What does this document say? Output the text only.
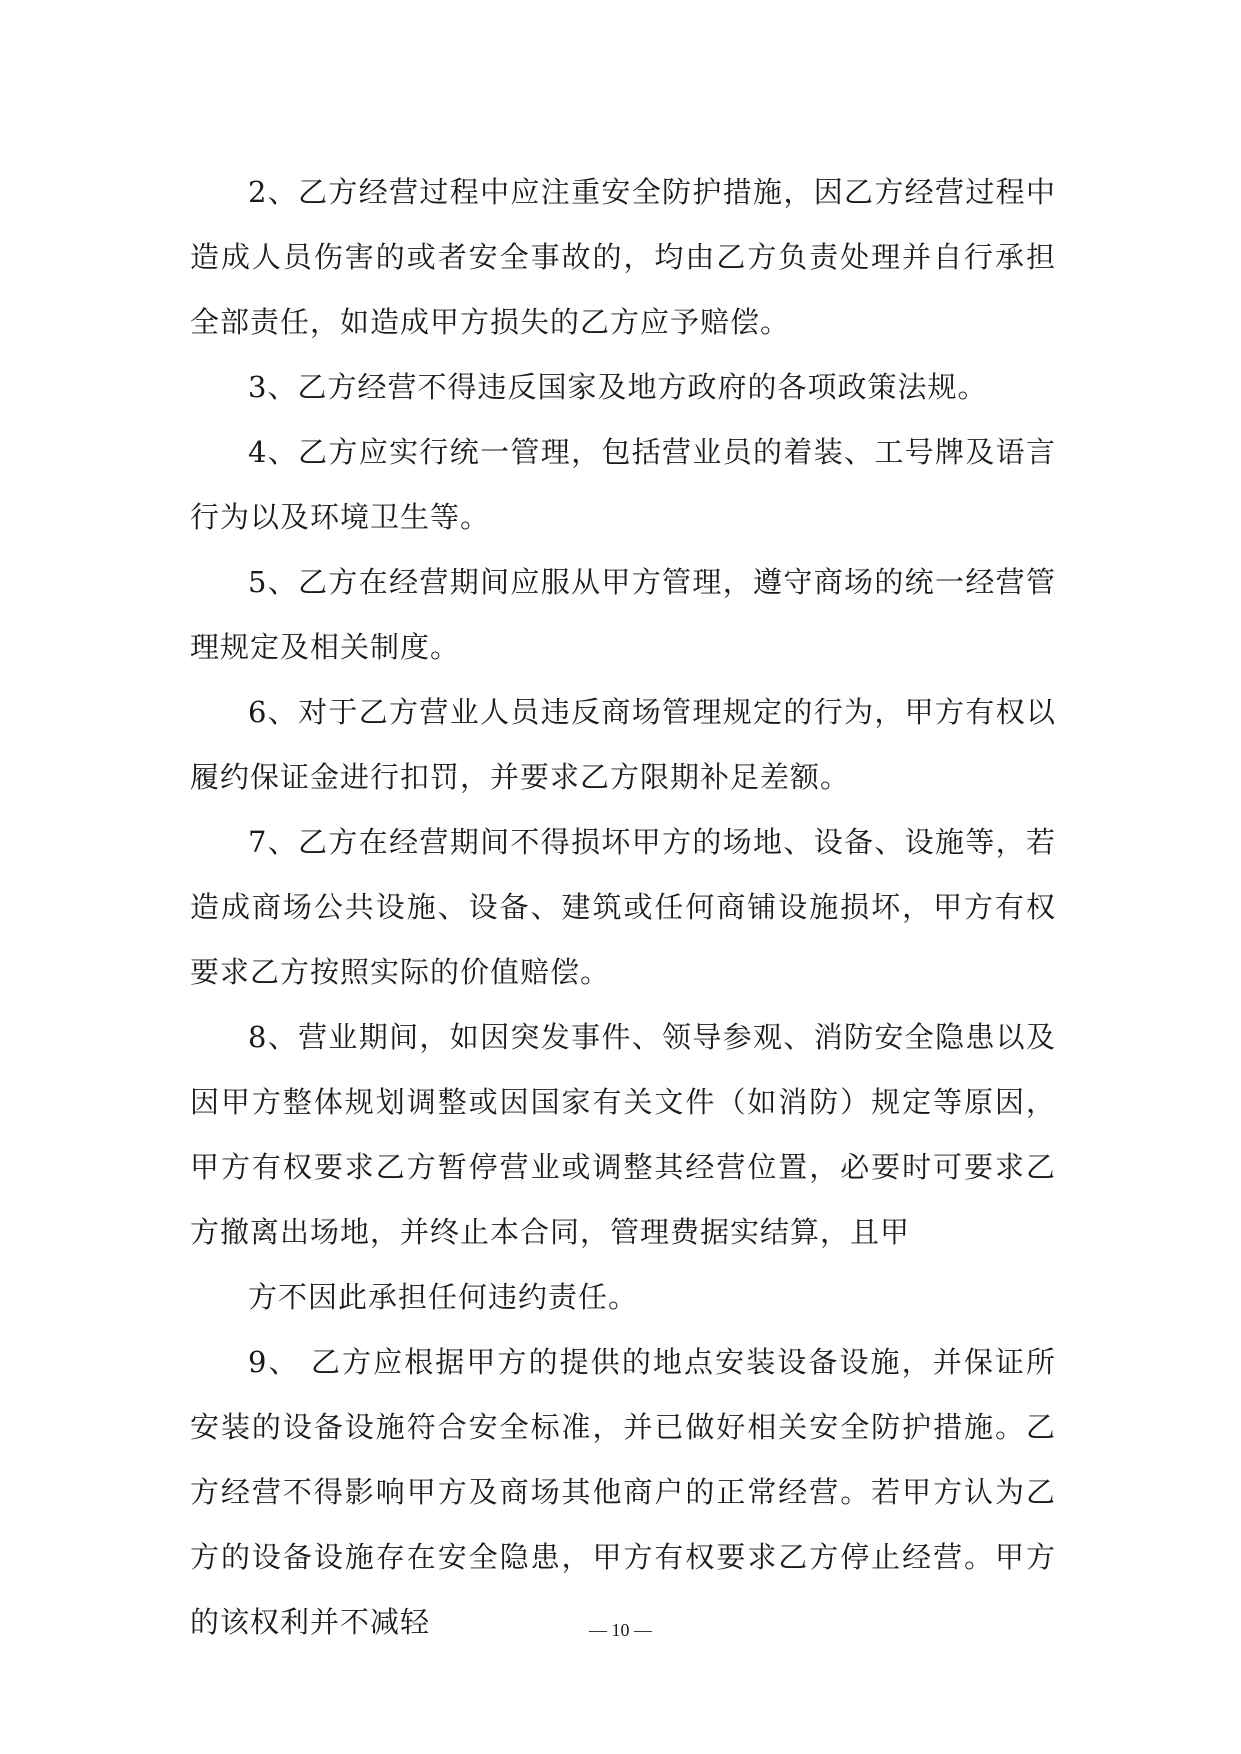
2、乙方经营过程中应注重安全防护措施，因乙方经营过程中造成人员伤害的或者安全事故的，均由乙方负责处理并自行承担全部责任，如造成甲方损失的乙方应予赔偿。

3、乙方经营不得违反国家及地方政府的各项政策法规。

4、乙方应实行统一管理，包括营业员的着装、工号牌及语言行为以及环境卫生等。

5、乙方在经营期间应服从甲方管理，遵守商场的统一经营管理规定及相关制度。

6、对于乙方营业人员违反商场管理规定的行为，甲方有权以履约保证金进行扣罚，并要求乙方限期补足差额。

7、乙方在经营期间不得损坏甲方的场地、设备、设施等，若造成商场公共设施、设备、建筑或任何商铺设施损坏，甲方有权要求乙方按照实际的价值赔偿。

8、营业期间，如因突发事件、领导参观、消防安全隐患以及因甲方整体规划调整或因国家有关文件（如消防）规定等原因，甲方有权要求乙方暂停营业或调整其经营位置，必要时可要求乙方撤离出场地，并终止本合同，管理费据实结算，且甲

方不因此承担任何违约责任。

9、 乙方应根据甲方的提供的地点安装设备设施，并保证所安装的设备设施符合安全标准，并已做好相关安全防护措施。乙方经营不得影响甲方及商场其他商户的正常经营。若甲方认为乙方的设备设施存在安全隐患，甲方有权要求乙方停止经营。甲方的该权利并不减轻	— 10 —
